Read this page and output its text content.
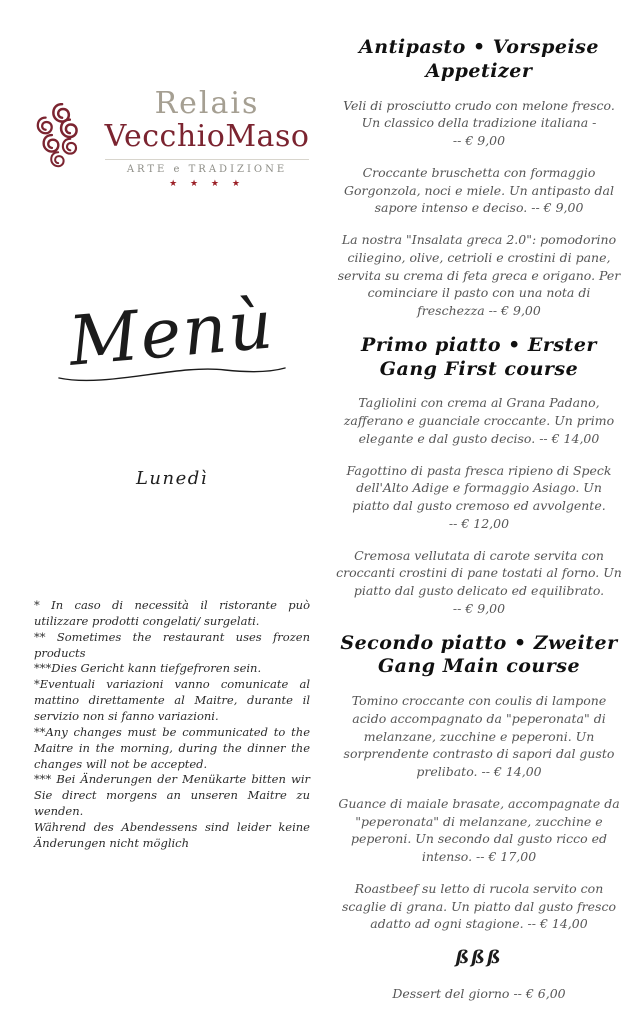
Relais
VecchioMaso
ARTE e TRADIZIONE
★ ★ ★ ★
Menù
Lunedì

* In caso di necessità il ristorante può utilizzare prodotti congelati/ surgelati.

** Sometimes the restaurant uses frozen products

***Dies Gericht kann tiefgefroren sein.

*Eventuali variazioni vanno comunicate al mattino direttamente al Maitre, durante il servizio non si fanno variazioni.

**Any changes must be communicated to the Maitre in the morning, during the dinner the changes will not be accepted.

*** Bei Änderungen der Menükarte bitten wir Sie direct morgens an unseren Maitre zu wenden.

Während des Abendessens sind leider keine Änderungen nicht möglich

Antipasto • Vorspeise Appetizer

Veli di prosciutto crudo con melone fresco. Un classico della tradizione italiana - -- € 9,00

Croccante bruschetta con formaggio Gorgonzola, noci e miele. Un antipasto dal sapore intenso e deciso. -- € 9,00

La nostra "Insalata greca 2.0": pomodorino ciliegino, olive, cetrioli e crostini di pane, servita su crema di feta greca e origano. Per cominciare il pasto con una nota di freschezza -- € 9,00

Primo piatto • Erster Gang First course

Tagliolini con crema al Grana Padano, zafferano e guanciale croccante. Un primo elegante e dal gusto deciso. -- € 14,00

Fagottino di pasta fresca ripieno di Speck dell'Alto Adige e formaggio Asiago. Un piatto dal gusto cremoso ed avvolgente. -- € 12,00

Cremosa vellutata di carote servita con croccanti crostini di pane tostati al forno. Un piatto dal gusto delicato ed equilibrato. -- € 9,00

Secondo piatto • Zweiter Gang Main course

Tomino croccante con coulis di lampone acido accompagnato da "peperonata" di melanzane, zucchine e peperoni. Un sorprendente contrasto di sapori dal gusto prelibato. -- € 14,00

Guance di maiale brasate, accompagnate da "peperonata" di melanzane, zucchine e peperoni. Un secondo dal gusto ricco ed intenso. -- € 17,00

Roastbeef su letto di rucola servito con scaglie di grana. Un piatto dal gusto fresco adatto ad ogni stagione. -- € 14,00

ßßß

Dessert del giorno -- € 6,00
